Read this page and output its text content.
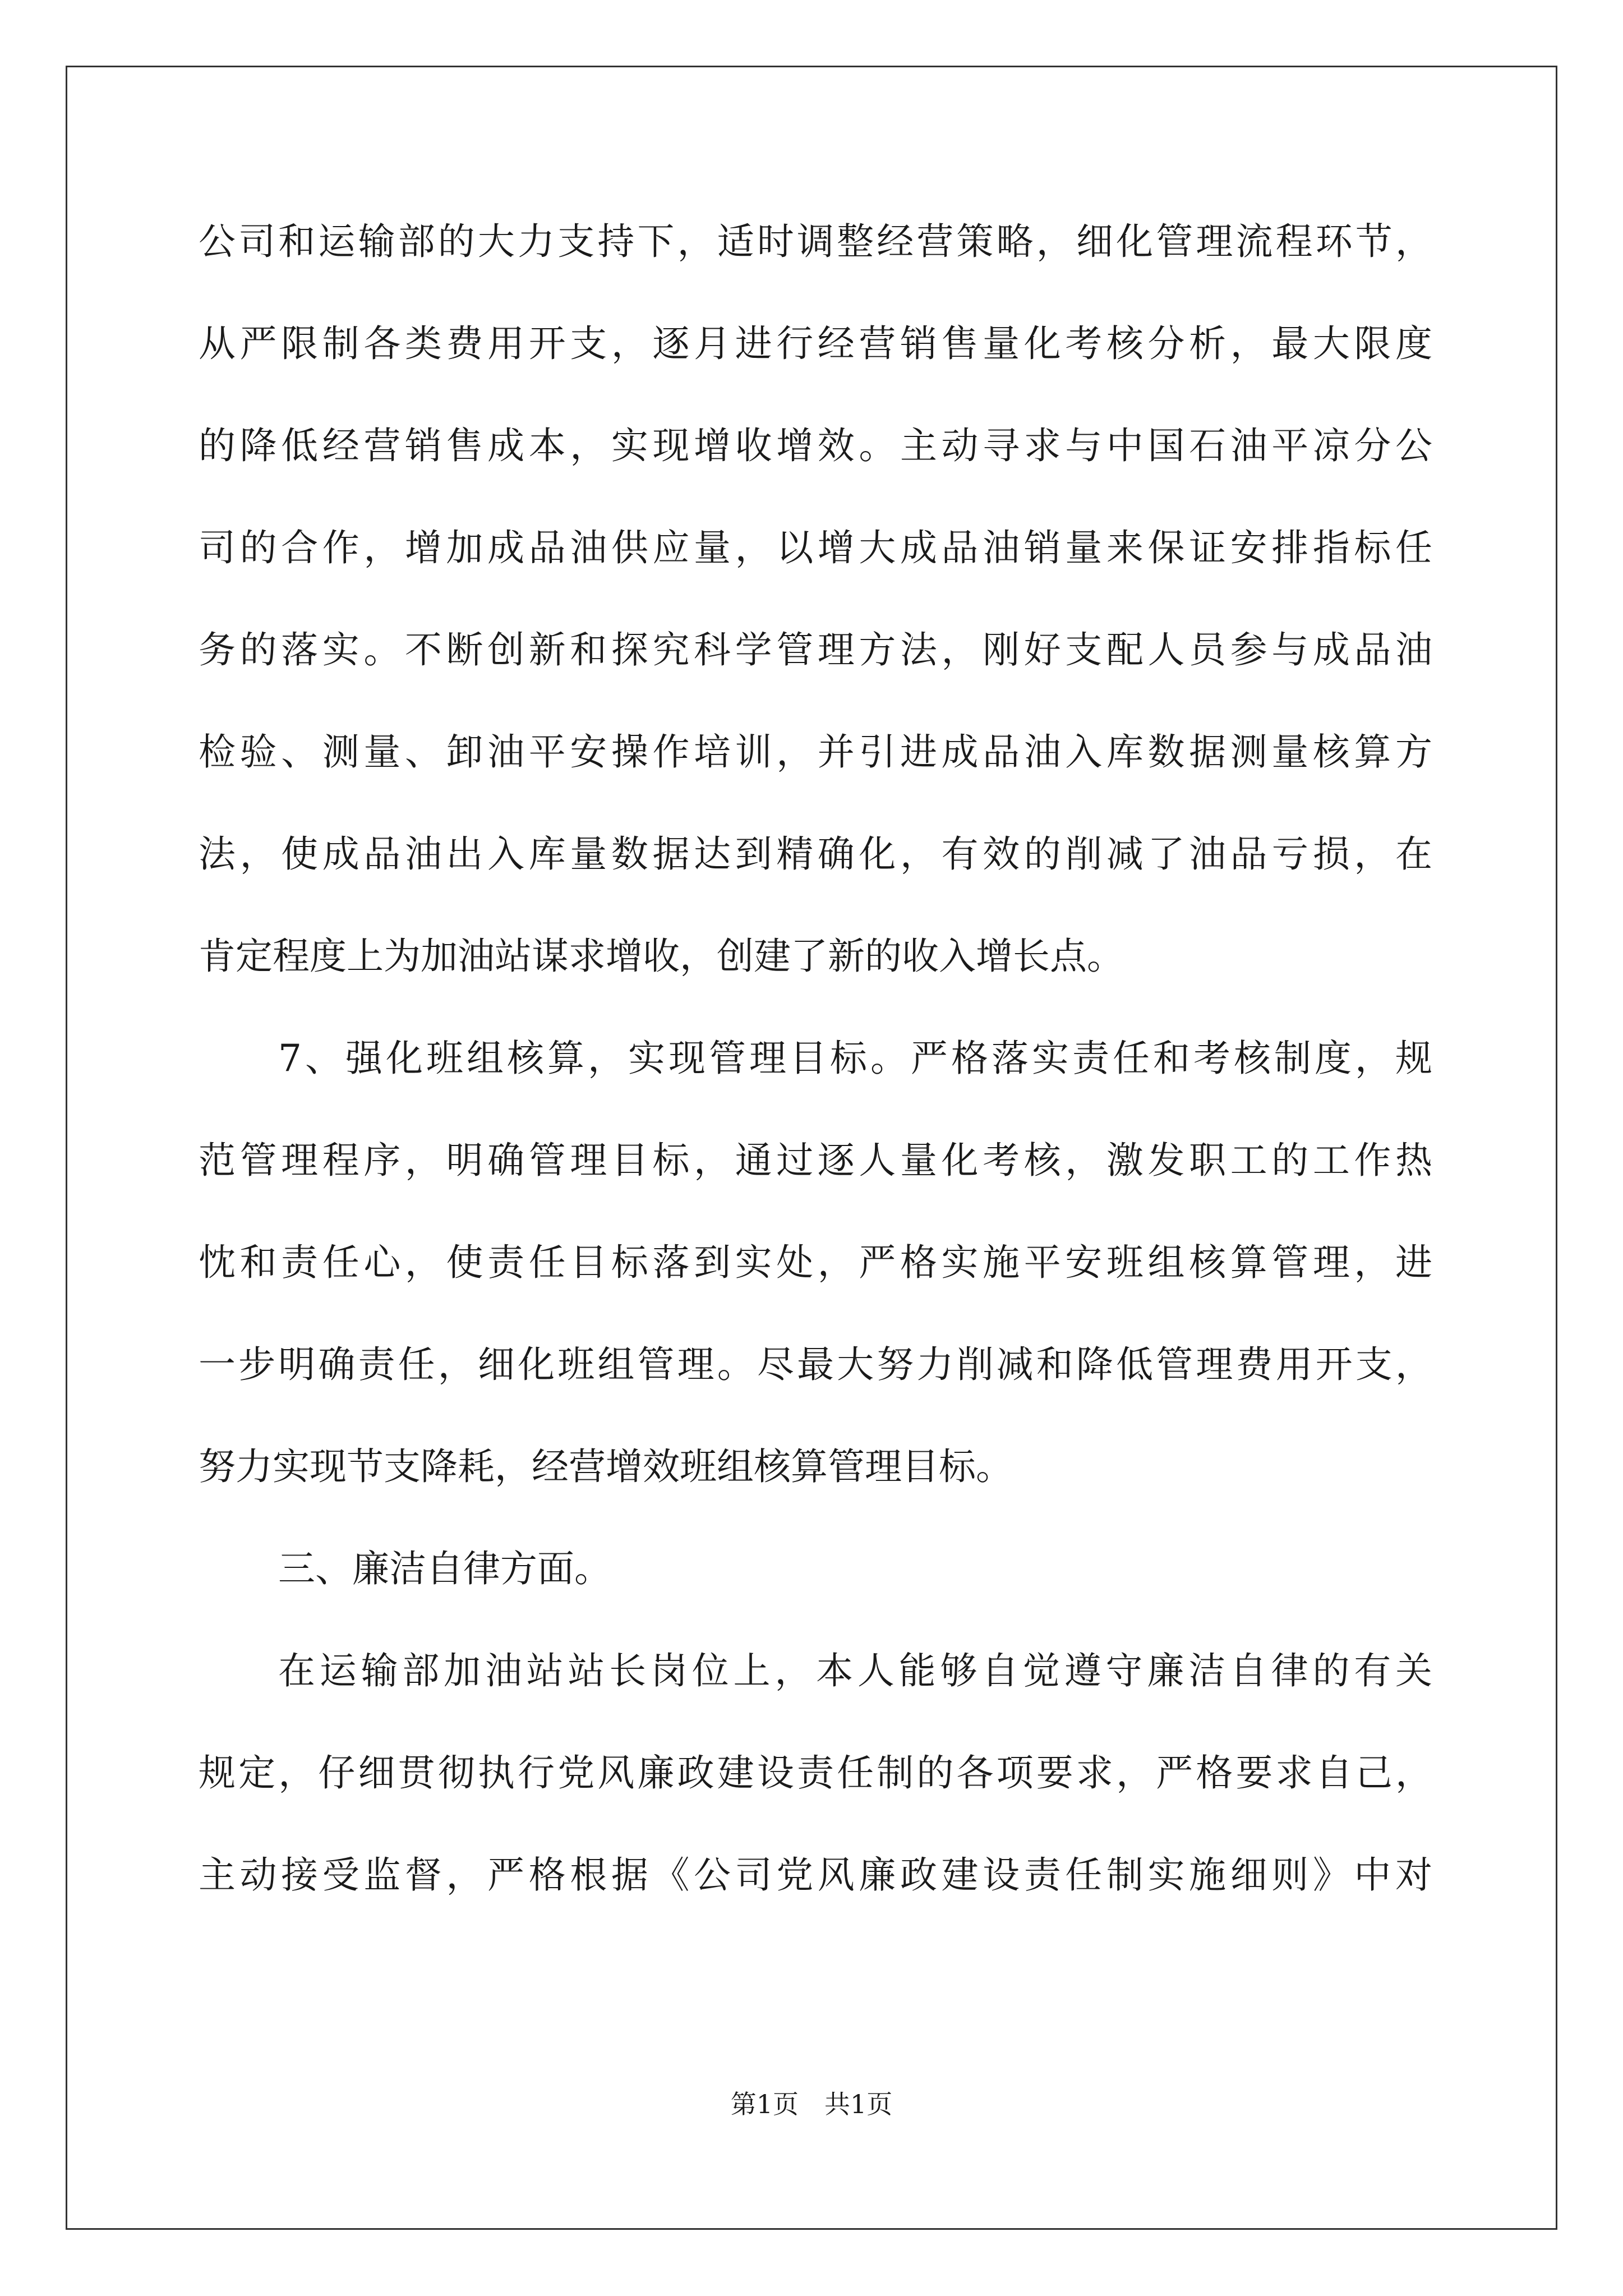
公司和运输部的大力支持下，适时调整经营策略，细化管理流程环节，
从严限制各类费用开支，逐月进行经营销售量化考核分析，最大限度
的降低经营销售成本，实现增收增效。主动寻求与中国石油平凉分公
司的合作，增加成品油供应量，以增大成品油销量来保证安排指标任
务的落实。不断创新和探究科学管理方法，刚好支配人员参与成品油
检验、测量、卸油平安操作培训，并引进成品油入库数据测量核算方
法，使成品油出入库量数据达到精确化，有效的削减了油品亏损，在
肯定程度上为加油站谋求增收，创建了新的收入增长点。
7、强化班组核算，实现管理目标。严格落实责任和考核制度，规
范管理程序，明确管理目标，通过逐人量化考核，激发职工的工作热
忱和责任心，使责任目标落到实处，严格实施平安班组核算管理，进
一步明确责任，细化班组管理。尽最大努力削减和降低管理费用开支，
努力实现节支降耗，经营增效班组核算管理目标。
三、廉洁自律方面。
在运输部加油站站长岗位上，本人能够自觉遵守廉洁自律的有关
规定，仔细贯彻执行党风廉政建设责任制的各项要求，严格要求自己，
主动接受监督，严格根据《公司党风廉政建设责任制实施细则》中对
第1页　共1页
